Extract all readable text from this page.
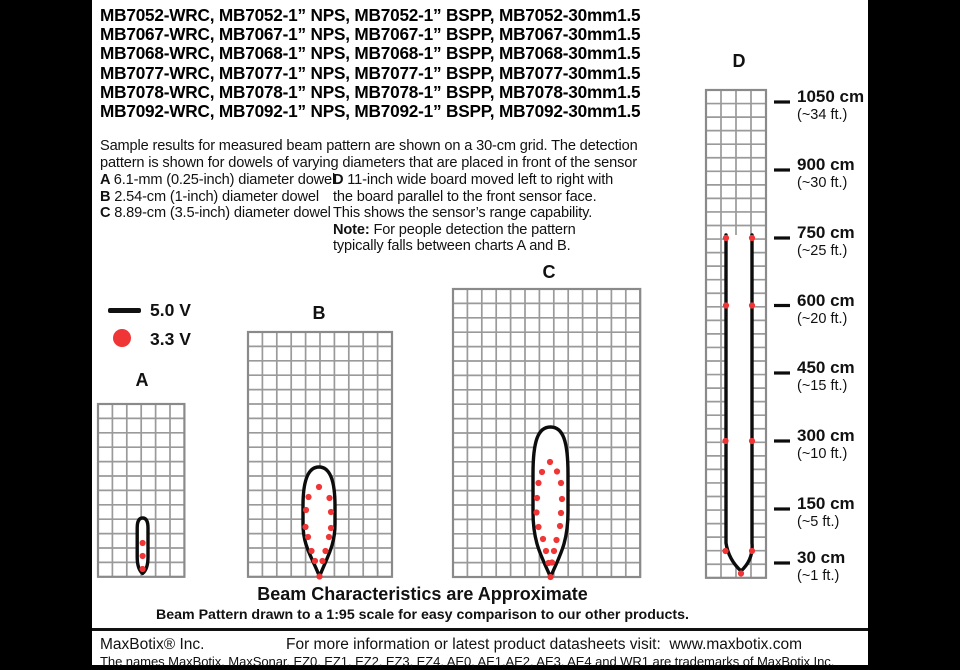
MB7052-WRC, MB7052-1” NPS, MB7052-1” BSPP, MB7052-30mm1.5
MB7067-WRC, MB7067-1” NPS, MB7067-1” BSPP, MB7067-30mm1.5
MB7068-WRC, MB7068-1” NPS, MB7068-1” BSPP, MB7068-30mm1.5
MB7077-WRC, MB7077-1” NPS, MB7077-1” BSPP, MB7077-30mm1.5
MB7078-WRC, MB7078-1” NPS, MB7078-1” BSPP, MB7078-30mm1.5
MB7092-WRC, MB7092-1” NPS, MB7092-1” BSPP, MB7092-30mm1.5
Sample results for measured beam pattern are shown on a 30-cm grid. The detection
pattern is shown for dowels of varying diameters that are placed in front of the sensor
A 6.1-mm (0.25-inch) diameter dowel
B 2.54-cm (1-inch) diameter dowel
C 8.89-cm (3.5-inch) diameter dowel
D 11-inch wide board moved left to right with
the board parallel to the front sensor face.
This shows the sensor’s range capability.
Note: For people detection the pattern
typically falls between charts A and B.
5.0 V
3.3 V
A
B
C
D
1050 cm
(~34 ft.)
900 cm
(~30 ft.)
750 cm
(~25 ft.)
600 cm
(~20 ft.)
450 cm
(~15 ft.)
300 cm
(~10 ft.)
150 cm
(~5 ft.)
30 cm
(~1 ft.)
Beam Characteristics are Approximate
Beam Pattern drawn to a 1:95 scale for easy comparison to our other products.
MaxBotix® Inc.	For more information or latest product datasheets visit:  www.maxbotix.com
The names MaxBotix, MaxSonar, EZ0, EZ1, EZ2, EZ3, EZ4, AE0, AE1,AE2, AE3, AE4 and WR1 are trademarks of MaxBotix Inc.
